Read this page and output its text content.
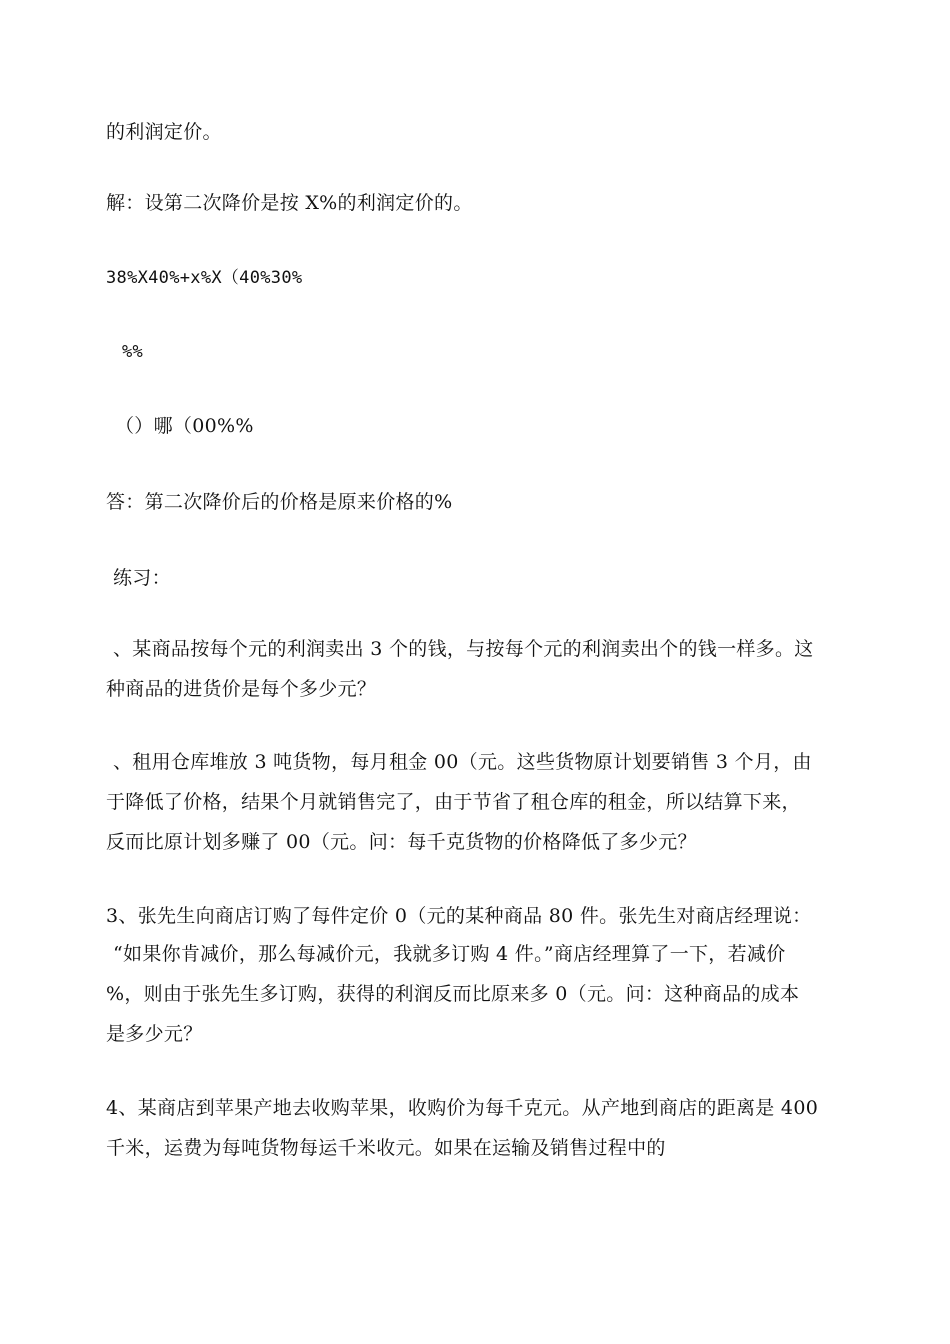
的利润定价。
解：设第二次降价是按 X%的利润定价的。
38%X40%+x%X（40%30%
%%
（）哪（00%%
答：第二次降价后的价格是原来价格的%
练习：
、某商品按每个元的利润卖出 3 个的钱，与按每个元的利润卖出个的钱一样多。这
种商品的进货价是每个多少元？
、租用仓库堆放 3 吨货物，每月租金 00（元。这些货物原计划要销售 3 个月，由
于降低了价格，结果个月就销售完了，由于节省了租仓库的租金，所以结算下来，
反而比原计划多赚了 00（元。问：每千克货物的价格降低了多少元？
3、张先生向商店订购了每件定价 0（元的某种商品 80 件。张先生对商店经理说：
“如果你肯减价，那么每减价元，我就多订购 4 件。”商店经理算了一下，若减价
%，则由于张先生多订购，获得的利润反而比原来多 0（元。问：这种商品的成本
是多少元？
4、某商店到苹果产地去收购苹果，收购价为每千克元。从产地到商店的距离是 400
千米，运费为每吨货物每运千米收元。如果在运输及销售过程中的
